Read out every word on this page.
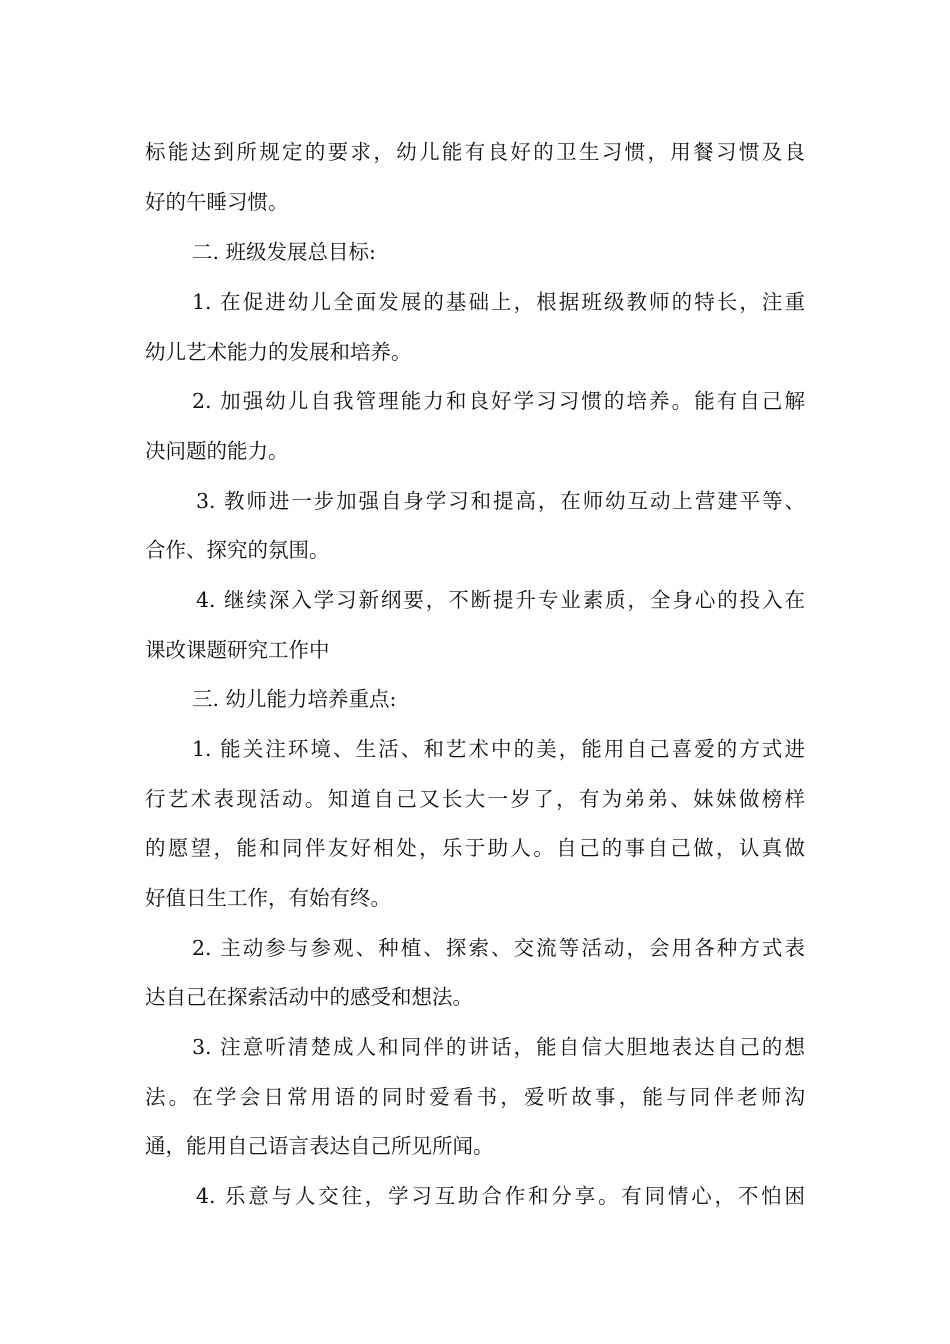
标能达到所规定的要求，幼儿能有良好的卫生习惯，用餐习惯及良
好的午睡习惯。
二. 班级发展总目标:
1. 在促进幼儿全面发展的基础上，根据班级教师的特长，注重
幼儿艺术能力的发展和培养。
2. 加强幼儿自我管理能力和良好学习习惯的培养。能有自己解
决问题的能力。
3. 教师进一步加强自身学习和提高，在师幼互动上营建平等、
合作、探究的氛围。
4. 继续深入学习新纲要，不断提升专业素质，全身心的投入在
课改课题研究工作中
三. 幼儿能力培养重点:
1. 能关注环境、生活、和艺术中的美，能用自己喜爱的方式进
行艺术表现活动。知道自己又长大一岁了，有为弟弟、妹妹做榜样
的愿望，能和同伴友好相处，乐于助人。自己的事自己做，认真做
好值日生工作，有始有终。
2. 主动参与参观、种植、探索、交流等活动，会用各种方式表
达自己在探索活动中的感受和想法。
3. 注意听清楚成人和同伴的讲话，能自信大胆地表达自己的想
法。在学会日常用语的同时爱看书，爱听故事，能与同伴老师沟
通，能用自己语言表达自己所见所闻。
4. 乐意与人交往，学习互助合作和分享。有同情心，不怕困
